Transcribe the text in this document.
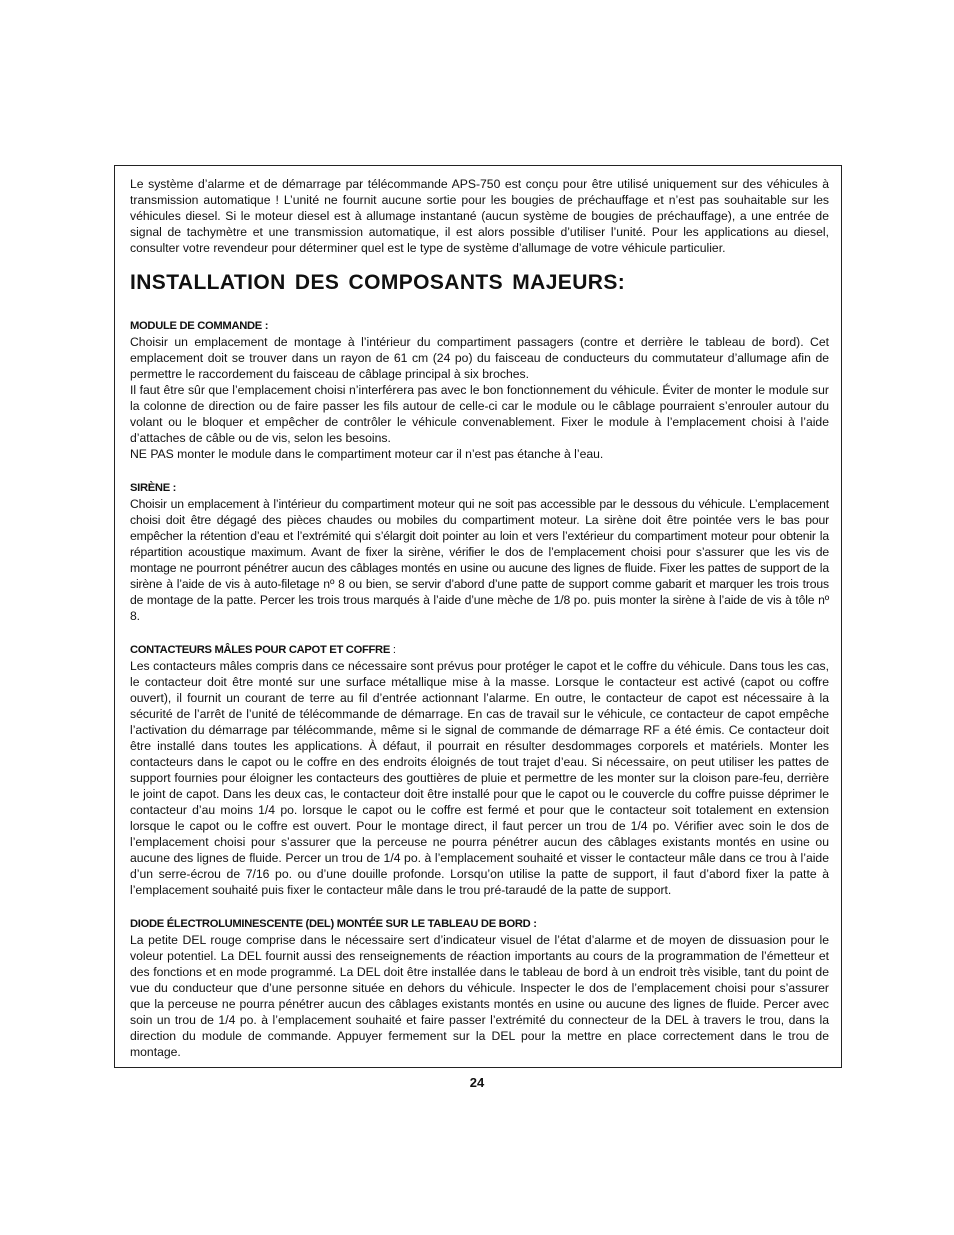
Le système d’alarme et de démarrage par télécommande APS-750 est conçu pour être utilisé uniquement sur des véhicules à transmission automatique ! L’unité ne fournit aucune sortie pour les bougies de préchauffage et n’est pas souhaitable sur les véhicules diesel. Si le moteur diesel est à allumage instantané (aucun système de bougies de préchauffage), a une entrée de signal de tachymètre et une transmission automatique, il est alors possible d’utiliser l’unité. Pour les applications au diesel, consulter votre revendeur pour déterminer quel est le type de système d’allumage de votre véhicule particulier.

INSTALLATION DES COMPOSANTS MAJEURS:
MODULE DE COMMANDE :

Choisir un emplacement de montage à l’intérieur du compartiment passagers (contre et derrière le tableau de bord). Cet emplacement doit se trouver dans un rayon de 61 cm (24 po) du faisceau de conducteurs du commutateur d’allumage afin de permettre le raccordement du faisceau de câblage principal à six broches.

Il faut être sûr que l’emplacement choisi n’interférera pas avec le bon fonctionnement du véhicule. Éviter de monter le module sur la colonne de direction ou de faire passer les fils autour de celle-ci car le module ou le câblage pourraient s’enrouler autour du volant ou le bloquer et empêcher de contrôler le véhicule convenablement. Fixer le module à l’emplacement choisi à l’aide d’attaches de câble ou de vis, selon les besoins.

NE PAS monter le module dans le compartiment moteur car il n’est pas étanche à l’eau.

SIRÈNE :

Choisir un emplacement à l’intérieur du compartiment moteur qui ne soit pas accessible par le dessous du véhicule. L’emplacement choisi doit être dégagé des pièces chaudes ou mobiles du compartiment moteur. La sirène doit être pointée vers le bas pour empêcher la rétention d’eau et l’extrémité qui s’élargit doit pointer au loin et vers l’extérieur du compartiment moteur pour obtenir la répartition acoustique maximum. Avant de fixer la sirène, vérifier le dos de l’emplacement choisi pour s’assurer que les vis de montage ne pourront pénétrer aucun des câblages montés en usine ou aucune des lignes de fluide. Fixer les pattes de support de la sirène à l’aide de vis à auto-filetage nº 8 ou bien, se servir d’abord d’une patte de support comme gabarit et marquer les trois trous de montage de la patte. Percer les trois trous marqués à l’aide d’une mèche de 1/8 po. puis monter la sirène à l’aide de vis à tôle nº 8.

CONTACTEURS MÂLES POUR CAPOT ET COFFRE :

Les contacteurs mâles compris dans ce nécessaire sont prévus pour protéger le capot et le coffre du véhicule. Dans tous les cas, le contacteur doit être monté sur une surface métallique mise à la masse. Lorsque le contacteur est activé (capot ou coffre ouvert), il fournit un courant de terre au fil d’entrée actionnant l’alarme. En outre, le contacteur de capot est nécessaire à la sécurité de l’arrêt de l’unité de télécommande de démarrage. En cas de travail sur le véhicule, ce contacteur de capot empêche l’activation du démarrage par télécommande, même si le signal de commande de démarrage RF a été émis. Ce contacteur doit être installé dans toutes les applications. À défaut, il pourrait en résulter desdommages corporels et matériels. Monter les contacteurs dans le capot ou le coffre en des endroits éloignés de tout trajet d’eau. Si nécessaire, on peut utiliser les pattes de support fournies pour éloigner les contacteurs des gouttières de pluie et permettre de les monter sur la cloison pare-feu, derrière le joint de capot. Dans les deux cas, le contacteur doit être installé pour que le capot ou le couvercle du coffre puisse déprimer le contacteur d’au moins 1/4 po. lorsque le capot ou le coffre est fermé et pour que le contacteur soit totalement en extension lorsque le capot ou le coffre est ouvert. Pour le montage direct, il faut percer un trou de 1/4 po. Vérifier avec soin le dos de l’emplacement choisi pour s’assurer que la perceuse ne pourra pénétrer aucun des câblages existants montés en usine ou aucune des lignes de fluide. Percer un trou de 1/4 po. à l’emplacement souhaité et visser le contacteur mâle dans ce trou à l’aide d’un serre-écrou de 7/16 po. ou d’une douille profonde. Lorsqu’on utilise la patte de support, il faut d’abord fixer la patte à l’emplacement souhaité puis fixer le contacteur mâle dans le trou pré-taraudé de la patte de support.

DIODE ÉLECTROLUMINESCENTE (DEL) MONTÉE SUR LE TABLEAU DE BORD :

La petite DEL rouge comprise dans le nécessaire sert d’indicateur visuel de l’état d’alarme et de moyen de dissuasion pour le voleur potentiel. La DEL fournit aussi des renseignements de réaction importants au cours de la programmation de l’émetteur et des fonctions et en mode programmé. La DEL doit être installée dans le tableau de bord à un endroit très visible, tant du point de vue du conducteur que d’une personne située en dehors du véhicule. Inspecter le dos de l’emplacement choisi pour s’assurer que la perceuse ne pourra pénétrer aucun des câblages existants montés en usine ou aucune des lignes de fluide. Percer avec soin un trou de 1/4 po. à l’emplacement souhaité et faire passer l’extrémité du connecteur de la DEL à travers le trou, dans la direction du module de commande. Appuyer fermement sur la DEL pour la mettre en place correctement dans le trou de montage.

24
